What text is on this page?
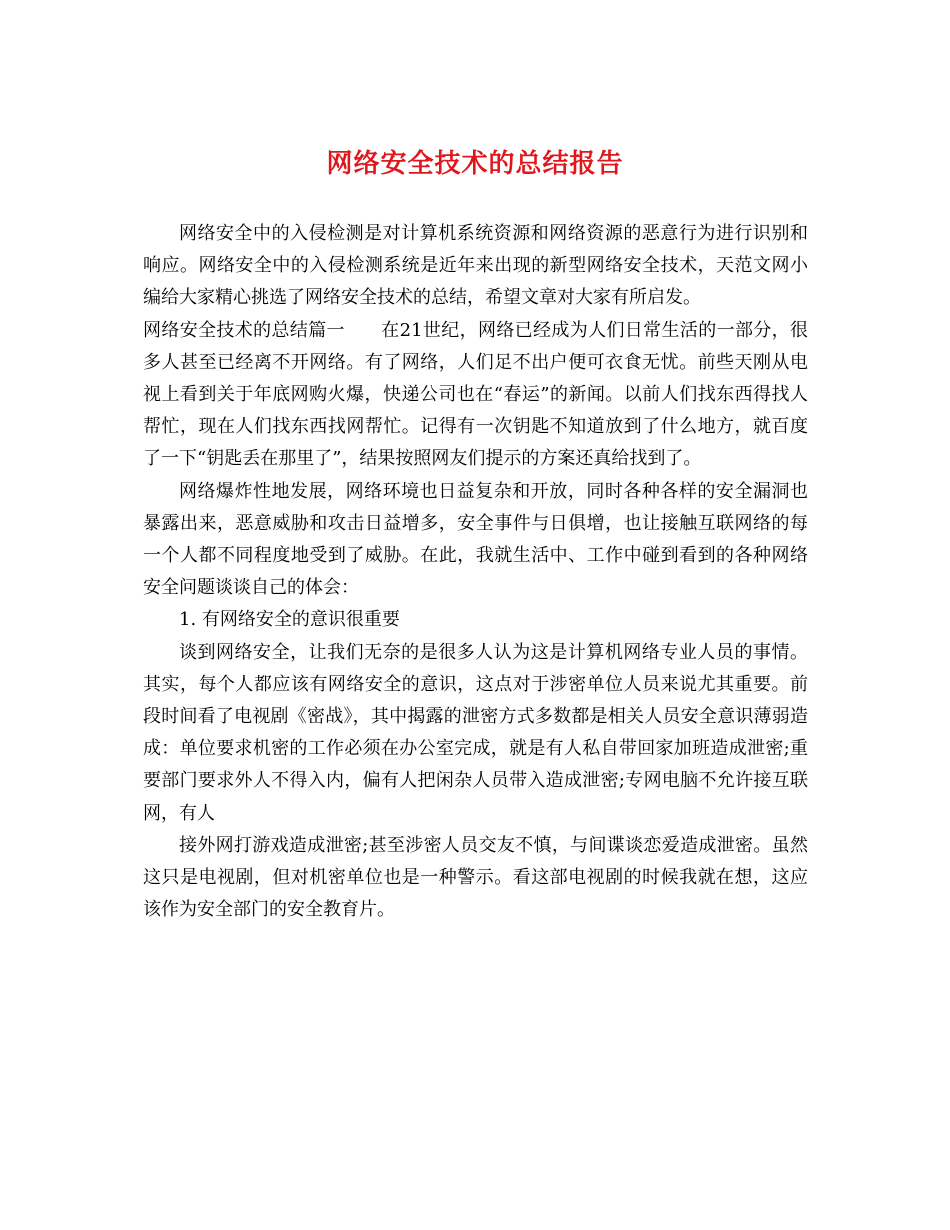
网络安全技术的总结报告

网络安全中的入侵检测是对计算机系统资源和网络资源的恶意行为进行识别和响应。网络安全中的入侵检测系统是近年来出现的新型网络安全技术，天范文网小编给大家精心挑选了网络安全技术的总结，希望文章对大家有所启发。

网络安全技术的总结篇一 在21世纪，网络已经成为人们日常生活的一部分，很多人甚至已经离不开网络。有了网络，人们足不出户便可衣食无忧。前些天刚从电视上看到关于年底网购火爆，快递公司也在“春运”的新闻。以前人们找东西得找人帮忙，现在人们找东西找网帮忙。记得有一次钥匙不知道放到了什么地方，就百度了一下“钥匙丢在那里了”，结果按照网友们提示的方案还真给找到了。

网络爆炸性地发展，网络环境也日益复杂和开放，同时各种各样的安全漏洞也暴露出来，恶意威胁和攻击日益增多，安全事件与日俱增，也让接触互联网络的每一个人都不同程度地受到了威胁。在此，我就生活中、工作中碰到看到的各种网络安全问题谈谈自己的体会：

1. 有网络安全的意识很重要

谈到网络安全，让我们无奈的是很多人认为这是计算机网络专业人员的事情。其实，每个人都应该有网络安全的意识，这点对于涉密单位人员来说尤其重要。前段时间看了电视剧《密战》，其中揭露的泄密方式多数都是相关人员安全意识薄弱造成：单位要求机密的工作必须在办公室完成，就是有人私自带回家加班造成泄密;重要部门要求外人不得入内，偏有人把闲杂人员带入造成泄密;专网电脑不允许接互联网，有人

接外网打游戏造成泄密;甚至涉密人员交友不慎，与间谍谈恋爱造成泄密。虽然这只是电视剧，但对机密单位也是一种警示。看这部电视剧的时候我就在想，这应该作为安全部门的安全教育片。
